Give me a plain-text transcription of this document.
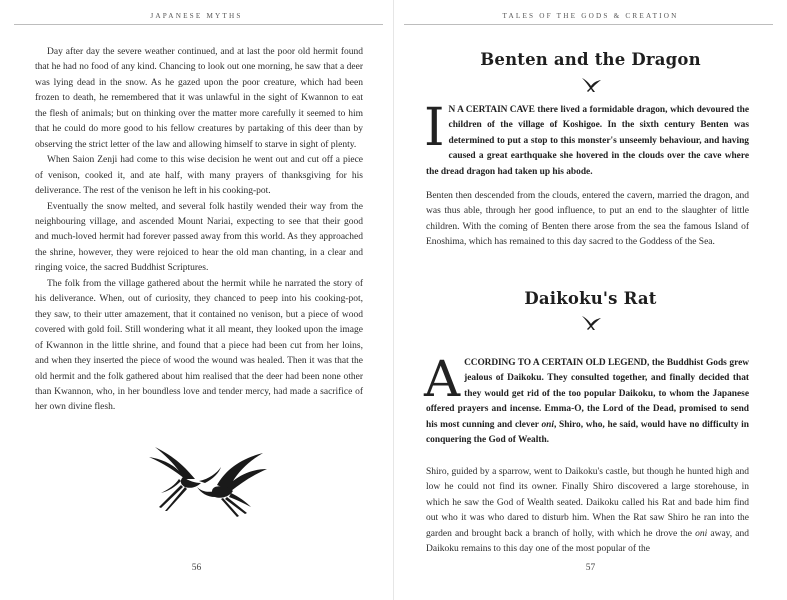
JAPANESE MYTHS

Day after day the severe weather continued, and at last the poor old hermit found that he had no food of any kind. Chancing to look out one morning, he saw that a deer was lying dead in the snow. As he gazed upon the poor creature, which had been frozen to death, he remembered that it was unlawful in the sight of Kwannon to eat the flesh of animals; but on thinking over the matter more carefully it seemed to him that he could do more good to his fellow creatures by partaking of this deer than by observing the strict letter of the law and allowing himself to starve in sight of plenty.

When Saion Zenji had come to this wise decision he went out and cut off a piece of venison, cooked it, and ate half, with many prayers of thanksgiving for his deliverance. The rest of the venison he left in his cooking-pot.

Eventually the snow melted, and several folk hastily wended their way from the neighbouring village, and ascended Mount Nariai, expecting to see that their good and much-loved hermit had forever passed away from this world. As they approached the shrine, however, they were rejoiced to hear the old man chanting, in a clear and ringing voice, the sacred Buddhist Scriptures.

The folk from the village gathered about the hermit while he narrated the story of his deliverance. When, out of curiosity, they chanced to peep into his cooking-pot, they saw, to their utter amazement, that it contained no venison, but a piece of wood covered with gold foil. Still wondering what it all meant, they looked upon the image of Kwannon in the little shrine, and found that a piece had been cut from her loins, and when they inserted the piece of wood the wound was healed. Then it was that the old hermit and the folk gathered about him realised that the deer had been none other than Kwannon, who, in her boundless love and tender mercy, had made a sacrifice of her own divine flesh.

56
TALES OF THE GODS & CREATION
Benten and the Dragon
IN A CERTAIN CAVE there lived a formidable dragon, which devoured the children of the village of Koshigoe. In the sixth century Benten was determined to put a stop to this monster's unseemly behaviour, and having caused a great earthquake she hovered in the clouds over the cave where the dread dragon had taken up his abode.

Benten then descended from the clouds, entered the cavern, married the dragon, and was thus able, through her good influence, to put an end to the slaughter of little children. With the coming of Benten there arose from the sea the famous Island of Enoshima, which has remained to this day sacred to the Goddess of the Sea.

Daikoku's Rat
ACCORDING TO A CERTAIN OLD LEGEND, the Buddhist Gods grew jealous of Daikoku. They consulted together, and finally decided that they would get rid of the too popular Daikoku, to whom the Japanese offered prayers and incense. Emma-O, the Lord of the Dead, promised to send his most cunning and clever oni, Shiro, who, he said, would have no difficulty in conquering the God of Wealth.

Shiro, guided by a sparrow, went to Daikoku's castle, but though he hunted high and low he could not find its owner. Finally Shiro discovered a large storehouse, in which he saw the God of Wealth seated. Daikoku called his Rat and bade him find out who it was who dared to disturb him. When the Rat saw Shiro he ran into the garden and brought back a branch of holly, with which he drove the oni away, and Daikoku remains to this day one of the most popular of the

57
